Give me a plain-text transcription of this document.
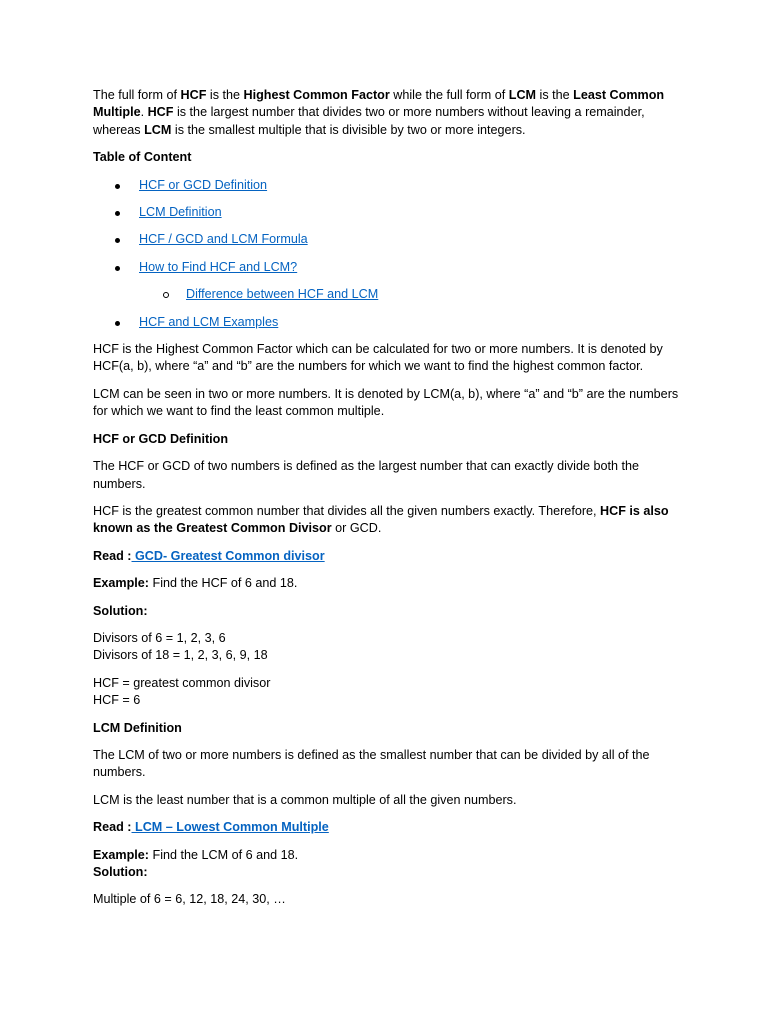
The full form of HCF is the Highest Common Factor while the full form of LCM is the Least Common Multiple. HCF is the largest number that divides two or more numbers without leaving a remainder, whereas LCM is the smallest multiple that is divisible by two or more integers.

Table of Content

HCF or GCD Definition
LCM Definition
HCF / GCD and LCM Formula
How to Find HCF and LCM?
Difference between HCF and LCM
HCF and LCM Examples

HCF is the Highest Common Factor which can be calculated for two or more numbers. It is denoted by HCF(a, b), where “a” and “b” are the numbers for which we want to find the highest common factor.

LCM can be seen in two or more numbers. It is denoted by LCM(a, b), where “a” and “b” are the numbers for which we want to find the least common multiple.

HCF or GCD Definition

The HCF or GCD of two numbers is defined as the largest number that can exactly divide both the numbers.

HCF is the greatest common number that divides all the given numbers exactly. Therefore, HCF is also known as the Greatest Common Divisor or GCD.

Read : GCD- Greatest Common divisor

Example: Find the HCF of 6 and 18.

Solution:

Divisors of 6 = 1, 2, 3, 6

Divisors of 18 = 1, 2, 3, 6, 9, 18

HCF = greatest common divisor

HCF = 6

LCM Definition

The LCM of two or more numbers is defined as the smallest number that can be divided by all of the numbers.

LCM is the least number that is a common multiple of all the given numbers.

Read : LCM – Lowest Common Multiple

Example: Find the LCM of 6 and 18.

Solution:

Multiple of 6 = 6, 12, 18, 24, 30, …
